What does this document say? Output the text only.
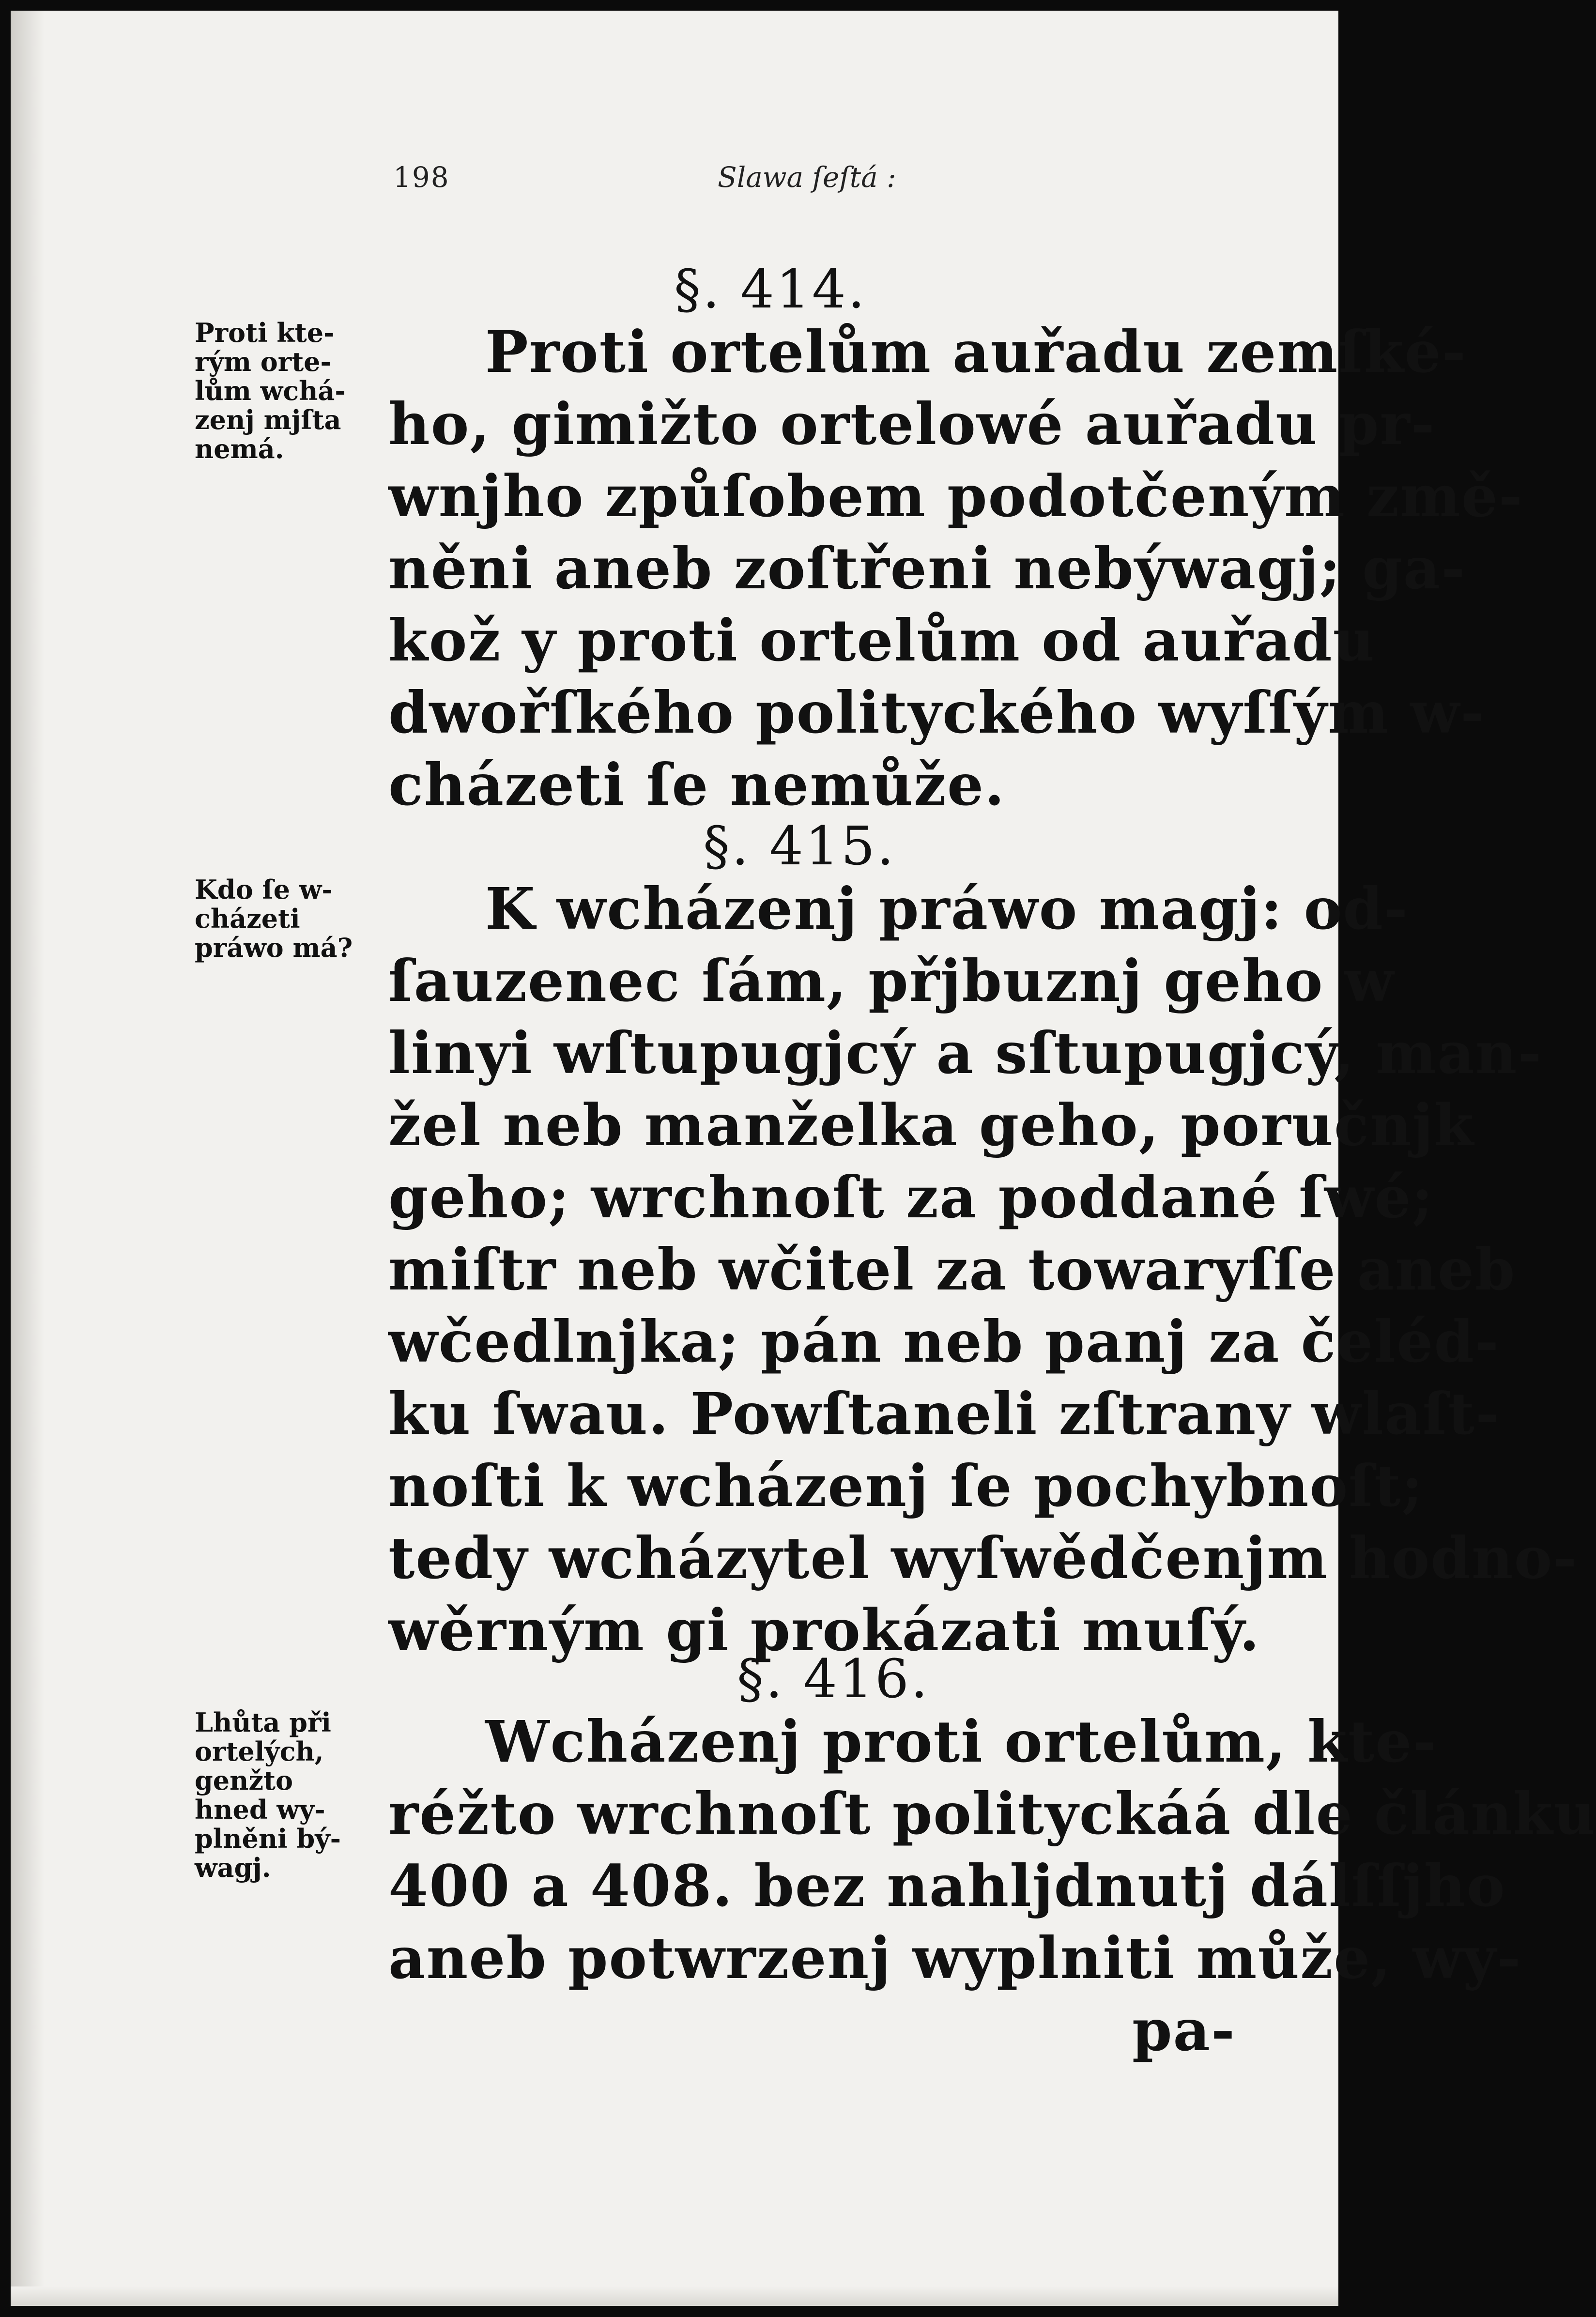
198	Slawa ſeſtá :
§. 414.
Proti kte-
rým orte-
lům wchá-
zenj mjſta
nemá.
Proti ortelům auřadu zemſké-
ho, gimižto ortelowé auřadu pr-
wnjho způſobem podotčeným změ-
něni aneb zoſtřeni nebýwagj; ga-
kož y proti ortelům od auřadu
dwořſkého polityckého wyſſým w-
cházeti ſe nemůže.
§. 415.
Kdo ſe w-
cházeti
práwo má?
K wcházenj práwo magj: od-
ſauzenec ſám, přjbuznj geho w
linyi wſtupugjcý a sſtupugjcý, man-
žel neb manželka geho, poručnjk
geho; wrchnoſt za poddané ſwé;
miſtr neb wčitel za towaryſſe aneb
wčedlnjka; pán neb panj za čeléd-
ku ſwau. Powſtaneli zſtrany wlaſt-
noſti k wcházenj ſe pochybnoſt;
tedy wcházytel wyſwědčenjm hodno-
wěrným gi prokázati muſý.
§. 416.
Lhůta při
ortelých,
genžto
hned wy-
plněni bý-
wagj.
Wcházenj proti ortelům, kte-
réžto wrchnoſt polityckáá dle článku
400 a 408. bez nahljdnutj dálſſjho
aneb potwrzenj wyplniti může, wy-
pa-
